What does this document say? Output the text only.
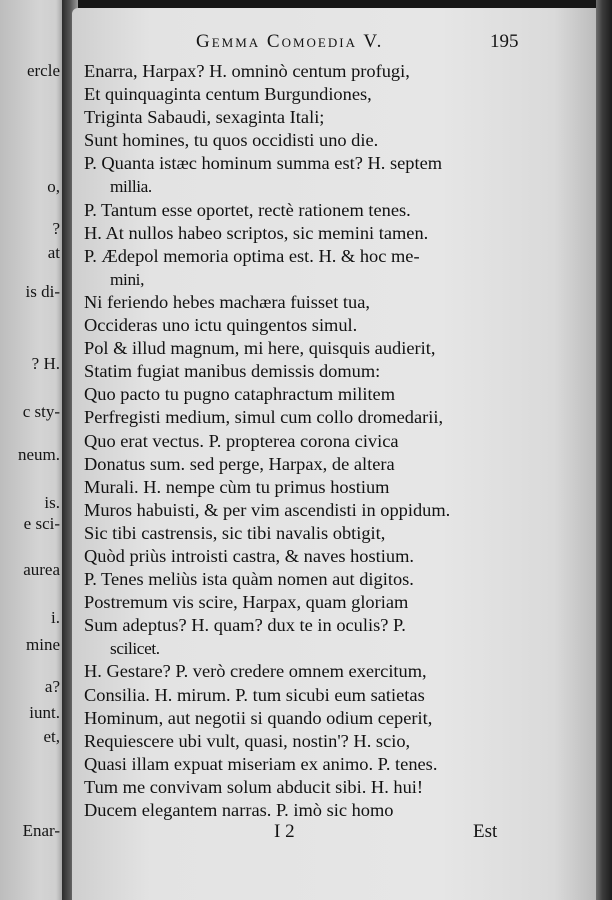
ercle
o,
?
at
is di-
? H.
c sty-
neum.
is.
e sci-
aurea
i.
mine
a?
iunt.
et,
Enar-
Gemma Comoedia V.	195
Enarra, Harpax? H. omninò centum profugi,
Et quinquaginta centum Burgundiones,
Triginta Sabaudi, sexaginta Itali;
Sunt homines, tu quos occidisti uno die.
P. Quanta istæc hominum summa est? H. septem
millia.
P. Tantum esse oportet, rectè rationem tenes.
H. At nullos habeo scriptos, sic memini tamen.
P. Ædepol memoria optima est. H. & hoc me-
mini,
Ni feriendo hebes machæra fuisset tua,
Occideras uno ictu quingentos simul.
Pol & illud magnum, mi here, quisquis audierit,
Statim fugiat manibus demissis domum:
Quo pacto tu pugno cataphractum militem
Perfregisti medium, simul cum collo dromedarii,
Quo erat vectus. P. propterea corona civica
Donatus sum. sed perge, Harpax, de altera
Murali. H. nempe cùm tu primus hostium
Muros habuisti, & per vim ascendisti in oppidum.
Sic tibi castrensis, sic tibi navalis obtigit,
Quòd priùs introisti castra, & naves hostium.
P. Tenes meliùs ista quàm nomen aut digitos.
Postremum vis scire, Harpax, quam gloriam
Sum adeptus? H. quam? dux te in oculis? P.
scilicet.
H. Gestare? P. verò credere omnem exercitum,
Consilia. H. mirum. P. tum sicubi eum satietas
Hominum, aut negotii si quando odium ceperit,
Requiescere ubi vult, quasi, nostin'? H. scio,
Quasi illam expuat miseriam ex animo. P. tenes.
Tum me convivam solum abducit sibi. H. hui!
Ducem elegantem narras. P. imò sic homo
I 2	Est
